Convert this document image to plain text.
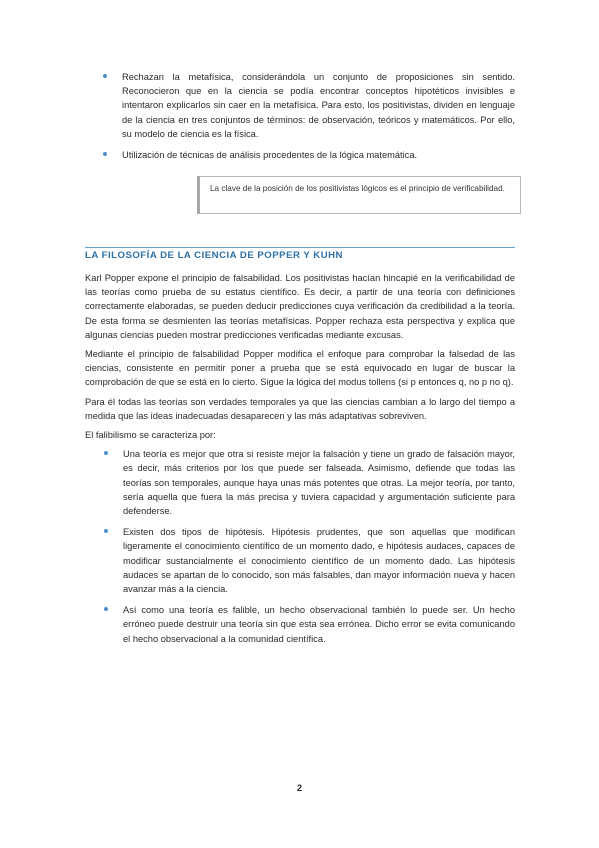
Rechazan la metafísica, considerándola un conjunto de proposiciones sin sentido. Reconocieron que en la ciencia se podía encontrar conceptos hipotéticos invisibles e intentaron explicarlos sin caer en la metafísica. Para esto, los positivistas, dividen en lenguaje de la ciencia en tres conjuntos de términos: de observación, teóricos y matemáticos. Por ello, su modelo de ciencia es la física.

Utilización de técnicas de análisis procedentes de la lógica matemática.

La clave de la posición de los positivistas lógicos es el principio de verificabilidad.
LA FILOSOFÍA DE LA CIENCIA DE POPPER Y KUHN

Karl Popper expone el principio de falsabilidad. Los positivistas hacían hincapié en la verificabilidad de las teorías como prueba de su estatus científico. Es decir, a partir de una teoría con definiciones correctamente elaboradas, se pueden deducir predicciones cuya verificación da credibilidad a la teoría. De esta forma se desmienten las teorías metafísicas. Popper rechaza esta perspectiva y explica que algunas ciencias pueden mostrar predicciones verificadas mediante excusas.

Mediante el principio de falsabilidad Popper modifica el enfoque para comprobar la falsedad de las ciencias, consistente en permitir poner a prueba que se está equivocado en lugar de buscar la comprobación de que se está en lo cierto. Sigue la lógica del modus tollens (si p entonces q, no p no q).

Para él todas las teorías son verdades temporales ya que las ciencias cambian a lo largo del tiempo a medida que las ideas inadecuadas desaparecen y las más adaptativas sobreviven.

El falibilismo se caracteriza por:

Una teoría es mejor que otra si resiste mejor la falsación y tiene un grado de falsación mayor, es decir, más criterios por los que puede ser falseada. Asimismo, defiende que todas las teorías son temporales, aunque haya unas más potentes que otras. La mejor teoría, por tanto, sería aquella que fuera la más precisa y tuviera capacidad y argumentación suficiente para defenderse.

Existen dos tipos de hipótesis. Hipótesis prudentes, que son aquellas que modifican ligeramente el conocimiento científico de un momento dado, e hipótesis audaces, capaces de modificar sustancialmente el conocimiento científico de un momento dado. Las hipótesis audaces se apartan de lo conocido, son más falsables, dan mayor información nueva y hacen avanzar más a la ciencia.

Así como una teoría es falible, un hecho observacional también lo puede ser. Un hecho erróneo puede destruir una teoría sin que esta sea errónea. Dicho error se evita comunicando el hecho observacional a la comunidad científica.

2
